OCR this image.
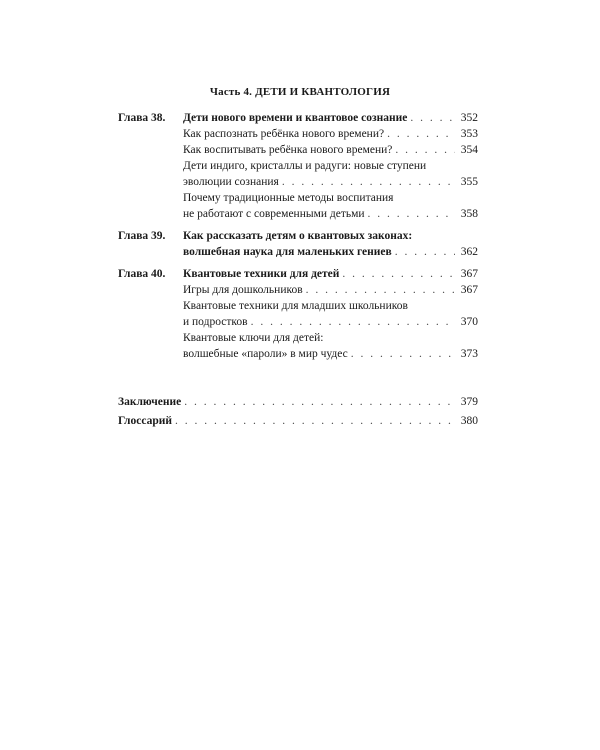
Часть 4. ДЕТИ И КВАНТОЛОГИЯ
Глава 38.	Дети нового времени и квантовое сознание . . .	352
Как распознать ребёнка нового времени? . . .	353
Как воспитывать ребёнка нового времени? . . .	354
Дети индиго, кристаллы и радуги: новые ступени
эволюции сознания . . .	355
Почему традиционные методы воспитания
не работают с современными детьми . . .	358
Глава 39.	Как рассказать детям о квантовых законах:
волшебная наука для маленьких гениев . . .	362
Глава 40.	Квантовые техники для детей . . .	367
Игры для дошкольников . . .	367
Квантовые техники для младших школьников
и подростков . . .	370
Квантовые ключи для детей:
волшебные «пароли» в мир чудес . . .	373
Заключение . . .	379
Глоссарий . . .	380
